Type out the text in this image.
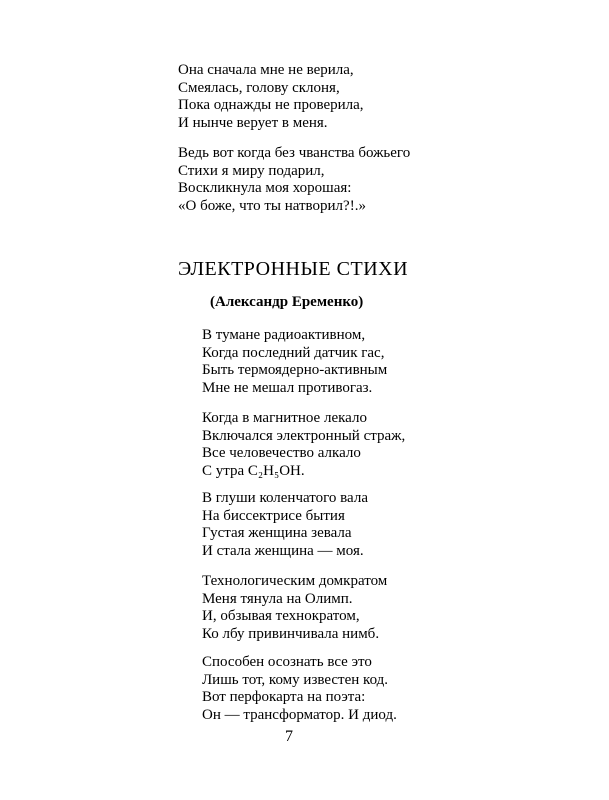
Она сначала мне не верила,
Смеялась, голову склоня,
Пока однажды не проверила,
И нынче верует в меня.
Ведь вот когда без чванства божьего
Стихи я миру подарил,
Воскликнула моя хорошая:
«О боже, что ты натворил?!.»
ЭЛЕКТРОННЫЕ СТИХИ
(Александр Еременко)
В тумане радиоактивном,
Когда последний датчик гас,
Быть термоядерно-активным
Мне не мешал противогаз.
Когда в магнитное лекало
Включался электронный страж,
Все человечество алкало
С утра C₂H₅OH.
В глуши коленчатого вала
На биссектрисе бытия
Густая женщина зевала
И стала женщина — моя.
Технологическим домкратом
Меня тянула на Олимп.
И, обзывая технократом,
Ко лбу привинчивала нимб.
Способен осознать все это
Лишь тот, кому известен код.
Вот перфокарта на поэта:
Он — трансформатор. И диод.
7
